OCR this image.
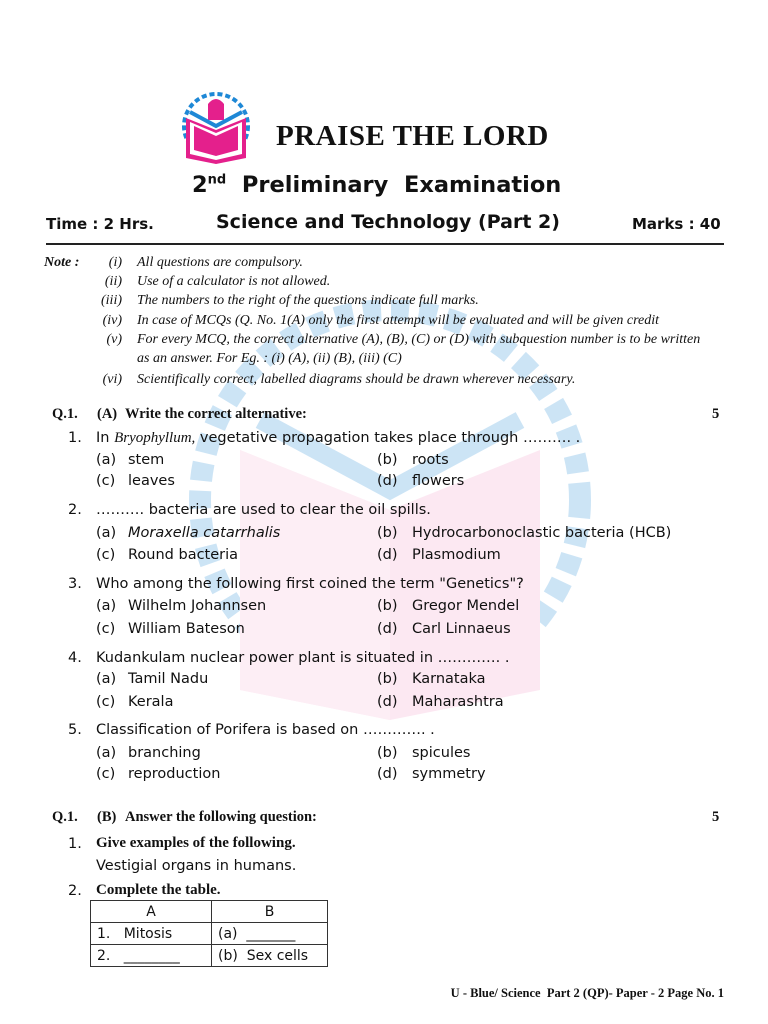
PRAISE THE LORD
2nd Preliminary  Examination
Time : 2 Hrs.	Science and Technology (Part 2)	Marks : 40
Note :	(i) All questions are compulsory.
(ii) Use of a calculator is not allowed.
(iii) The numbers to the right of the questions indicate full marks.
(iv) In case of MCQs (Q. No. 1(A) only the first attempt will be evaluated and will be given credit
(v) For every MCQ, the correct alternative (A), (B), (C) or (D) with subquestion number is to be written
as an answer. For Eg. : (i) (A), (ii) (B), (iii) (C)
(vi) Scientifically correct, labelled diagrams should be drawn wherever necessary.
Q.1. (A) Write the correct alternative:	5
1. In Bryophyllum, vegetative propagation takes place through ………. .
(a) stem	(b) roots
(c) leaves	(d) flowers
2. ………. bacteria are used to clear the oil spills.
(a) Moraxella catarrhalis	(b) Hydrocarbonoclastic bacteria (HCB)
(c) Round bacteria	(d) Plasmodium
3. Who among the following first coined the term "Genetics"?
(a) Wilhelm Johannsen	(b) Gregor Mendel
(c) William Bateson	(d) Carl Linnaeus
4. Kudankulam nuclear power plant is situated in …………. .
(a) Tamil Nadu	(b) Karnataka
(c) Kerala	(d) Maharashtra
5. Classification of Porifera is based on …………. .
(a) branching	(b) spicules
(c) reproduction	(d) symmetry
Q.1. (B) Answer the following question:	5
1. Give examples of the following.
Vestigial organs in humans.
2. Complete the table.
A	B
1. Mitosis	(a) _______
2. ________	(b) Sex cells
U - Blue/ Science  Part 2 (QP)- Paper - 2 Page No. 1
